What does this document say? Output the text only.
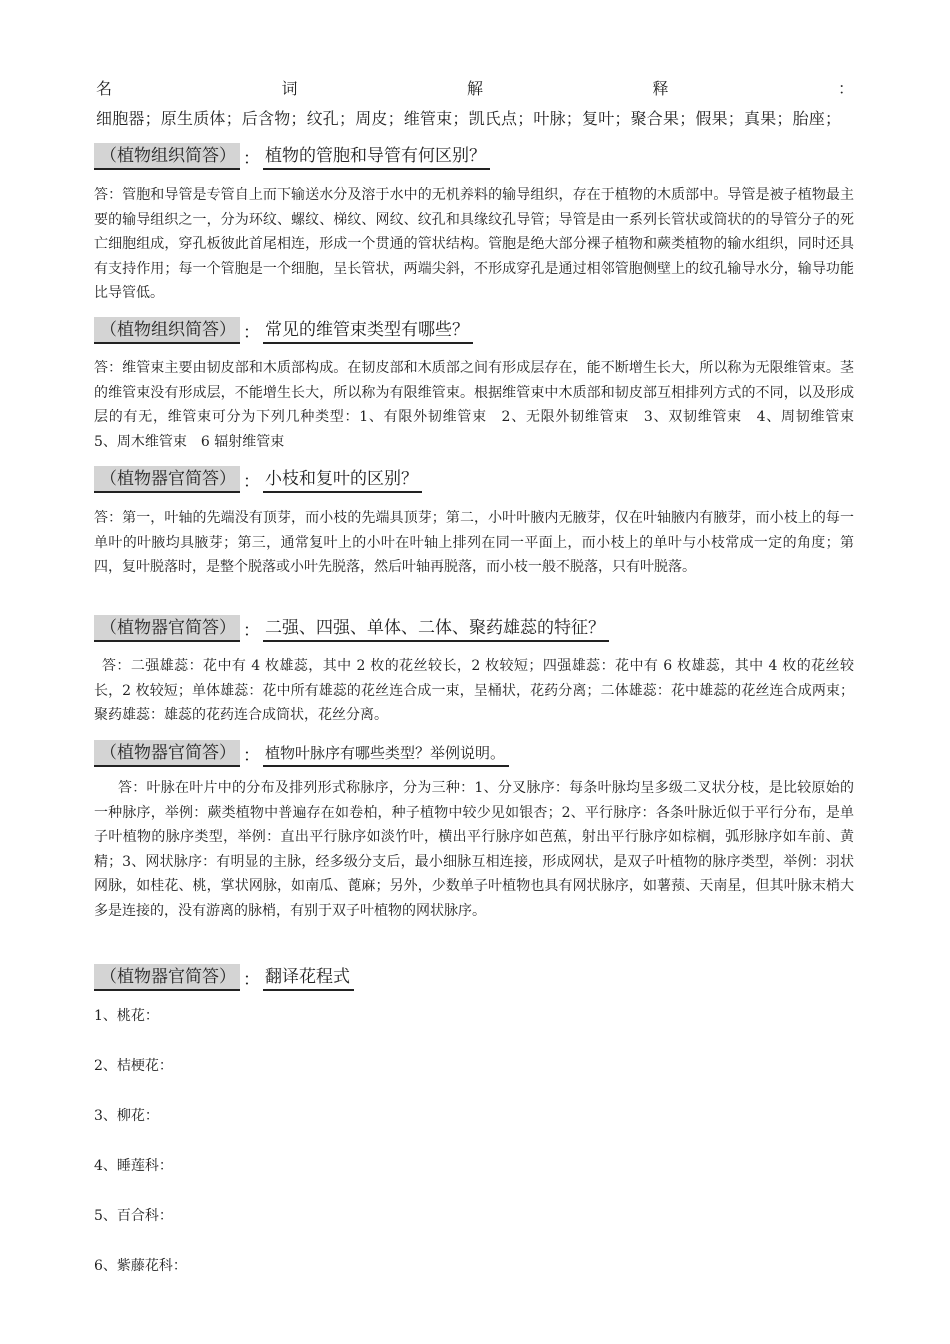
名	词	解	释	：
细胞器；原生质体；后含物；纹孔；周皮；维管束；凯氏点；叶脉；复叶；聚合果；假果；真果；胎座；
（植物组织简答） ： 植物的管胞和导管有何区别？

答：管胞和导管是专管自上而下输送水分及溶于水中的无机养料的输导组织，存在于植物的木质部中。导管是被子植物最主要的输导组织之一，分为环纹、螺纹、梯纹、网纹、纹孔和具缘纹孔导管；导管是由一系列长管状或筒状的的导管分子的死亡细胞组成，穿孔板彼此首尾相连，形成一个贯通的管状结构。管胞是绝大部分裸子植物和蕨类植物的输水组织，同时还具有支持作用；每一个管胞是一个细胞，呈长管状，两端尖斜，不形成穿孔是通过相邻管胞侧壁上的纹孔输导水分，输导功能比导管低。

（植物组织简答） ： 常见的维管束类型有哪些？

答：维管束主要由韧皮部和木质部构成。在韧皮部和木质部之间有形成层存在，能不断增生长大，所以称为无限维管束。茎的维管束没有形成层，不能增生长大，所以称为有限维管束。根据维管束中木质部和韧皮部互相排列方式的不同，以及形成层的有无，维管束可分为下列几种类型：1、有限外韧维管束　2、无限外韧维管束　3、双韧维管束　4、周韧维管束　　5、周木维管束　6 辐射维管束

（植物器官简答） ： 小枝和复叶的区别？

答：第一，叶轴的先端没有顶芽，而小枝的先端具顶芽；第二，小叶叶腋内无腋芽，仅在叶轴腋内有腋芽，而小枝上的每一单叶的叶腋均具腋芽；第三，通常复叶上的小叶在叶轴上排列在同一平面上，而小枝上的单叶与小枝常成一定的角度；第四，复叶脱落时，是整个脱落或小叶先脱落，然后叶轴再脱落，而小枝一般不脱落，只有叶脱落。

（植物器官简答） ： 二强、四强、单体、二体、聚药雄蕊的特征？

答：二强雄蕊：花中有 4 枚雄蕊，其中 2 枚的花丝较长，2 枚较短；四强雄蕊：花中有 6 枚雄蕊，其中 4 枚的花丝较长，2 枚较短；单体雄蕊：花中所有雄蕊的花丝连合成一束，呈桶状，花药分离；二体雄蕊：花中雄蕊的花丝连合成两束；聚药雄蕊：雄蕊的花药连合成筒状，花丝分离。

（植物器官简答） ： 植物叶脉序有哪些类型？举例说明。

答：叶脉在叶片中的分布及排列形式称脉序，分为三种：1、分叉脉序：每条叶脉均呈多级二叉状分枝，是比较原始的一种脉序，举例：蕨类植物中普遍存在如卷柏，种子植物中较少见如银杏；2、平行脉序：各条叶脉近似于平行分布，是单子叶植物的脉序类型，举例：直出平行脉序如淡竹叶，横出平行脉序如芭蕉，射出平行脉序如棕榈，弧形脉序如车前、黄精；3、网状脉序：有明显的主脉，经多级分支后，最小细脉互相连接，形成网状，是双子叶植物的脉序类型，举例：羽状网脉，如桂花、桃，掌状网脉，如南瓜、蓖麻；另外，少数单子叶植物也具有网状脉序，如薯蓣、天南星，但其叶脉末梢大多是连接的，没有游离的脉梢，有别于双子叶植物的网状脉序。

（植物器官简答） ： 翻译花程式

1、桃花：

2、桔梗花：

3、柳花：

4、睡莲科：

5、百合科：

6、紫藤花科：
